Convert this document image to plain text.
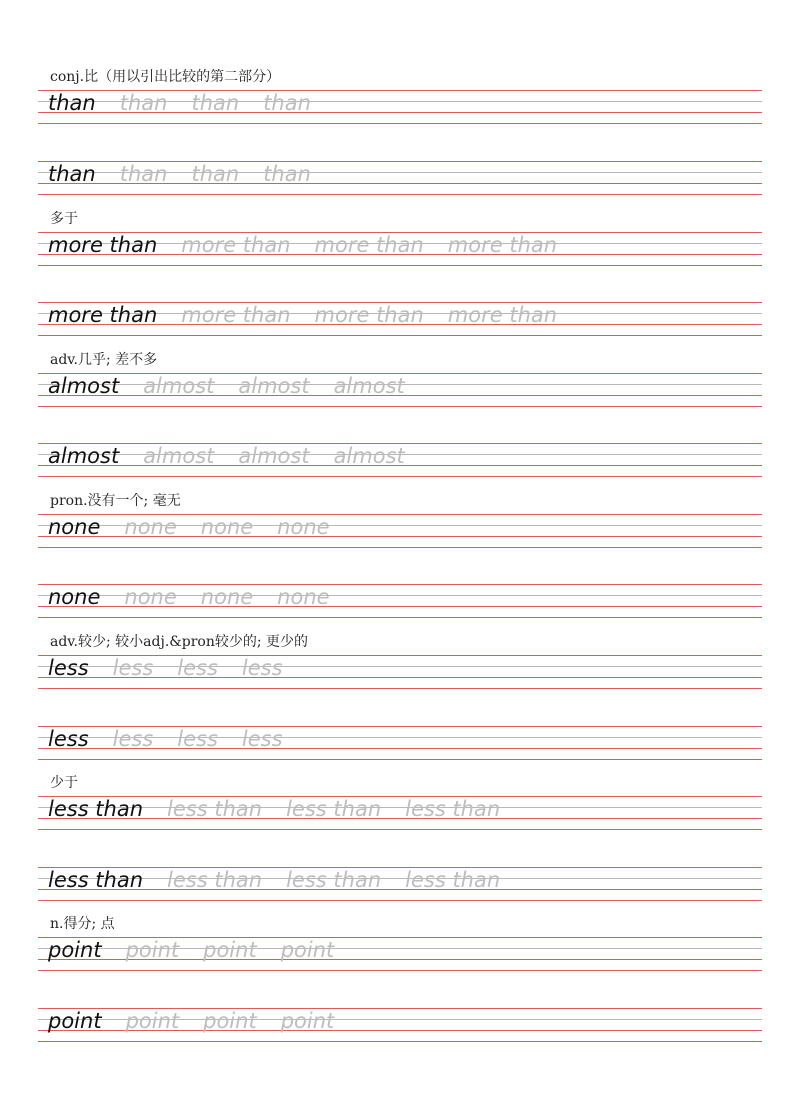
conj.比（用以引出比较的第二部分）
than than than than
than than than than
多于
more than more than more than more than
more than more than more than more than
adv.几乎; 差不多
almost almost almost almost
almost almost almost almost
pron.没有一个; 毫无
none none none none
none none none none
adv.较少; 较小adj.&pron较少的; 更少的
less less less less
less less less less
少于
less than less than less than less than
less than less than less than less than
n.得分; 点
point point point point
point point point point
